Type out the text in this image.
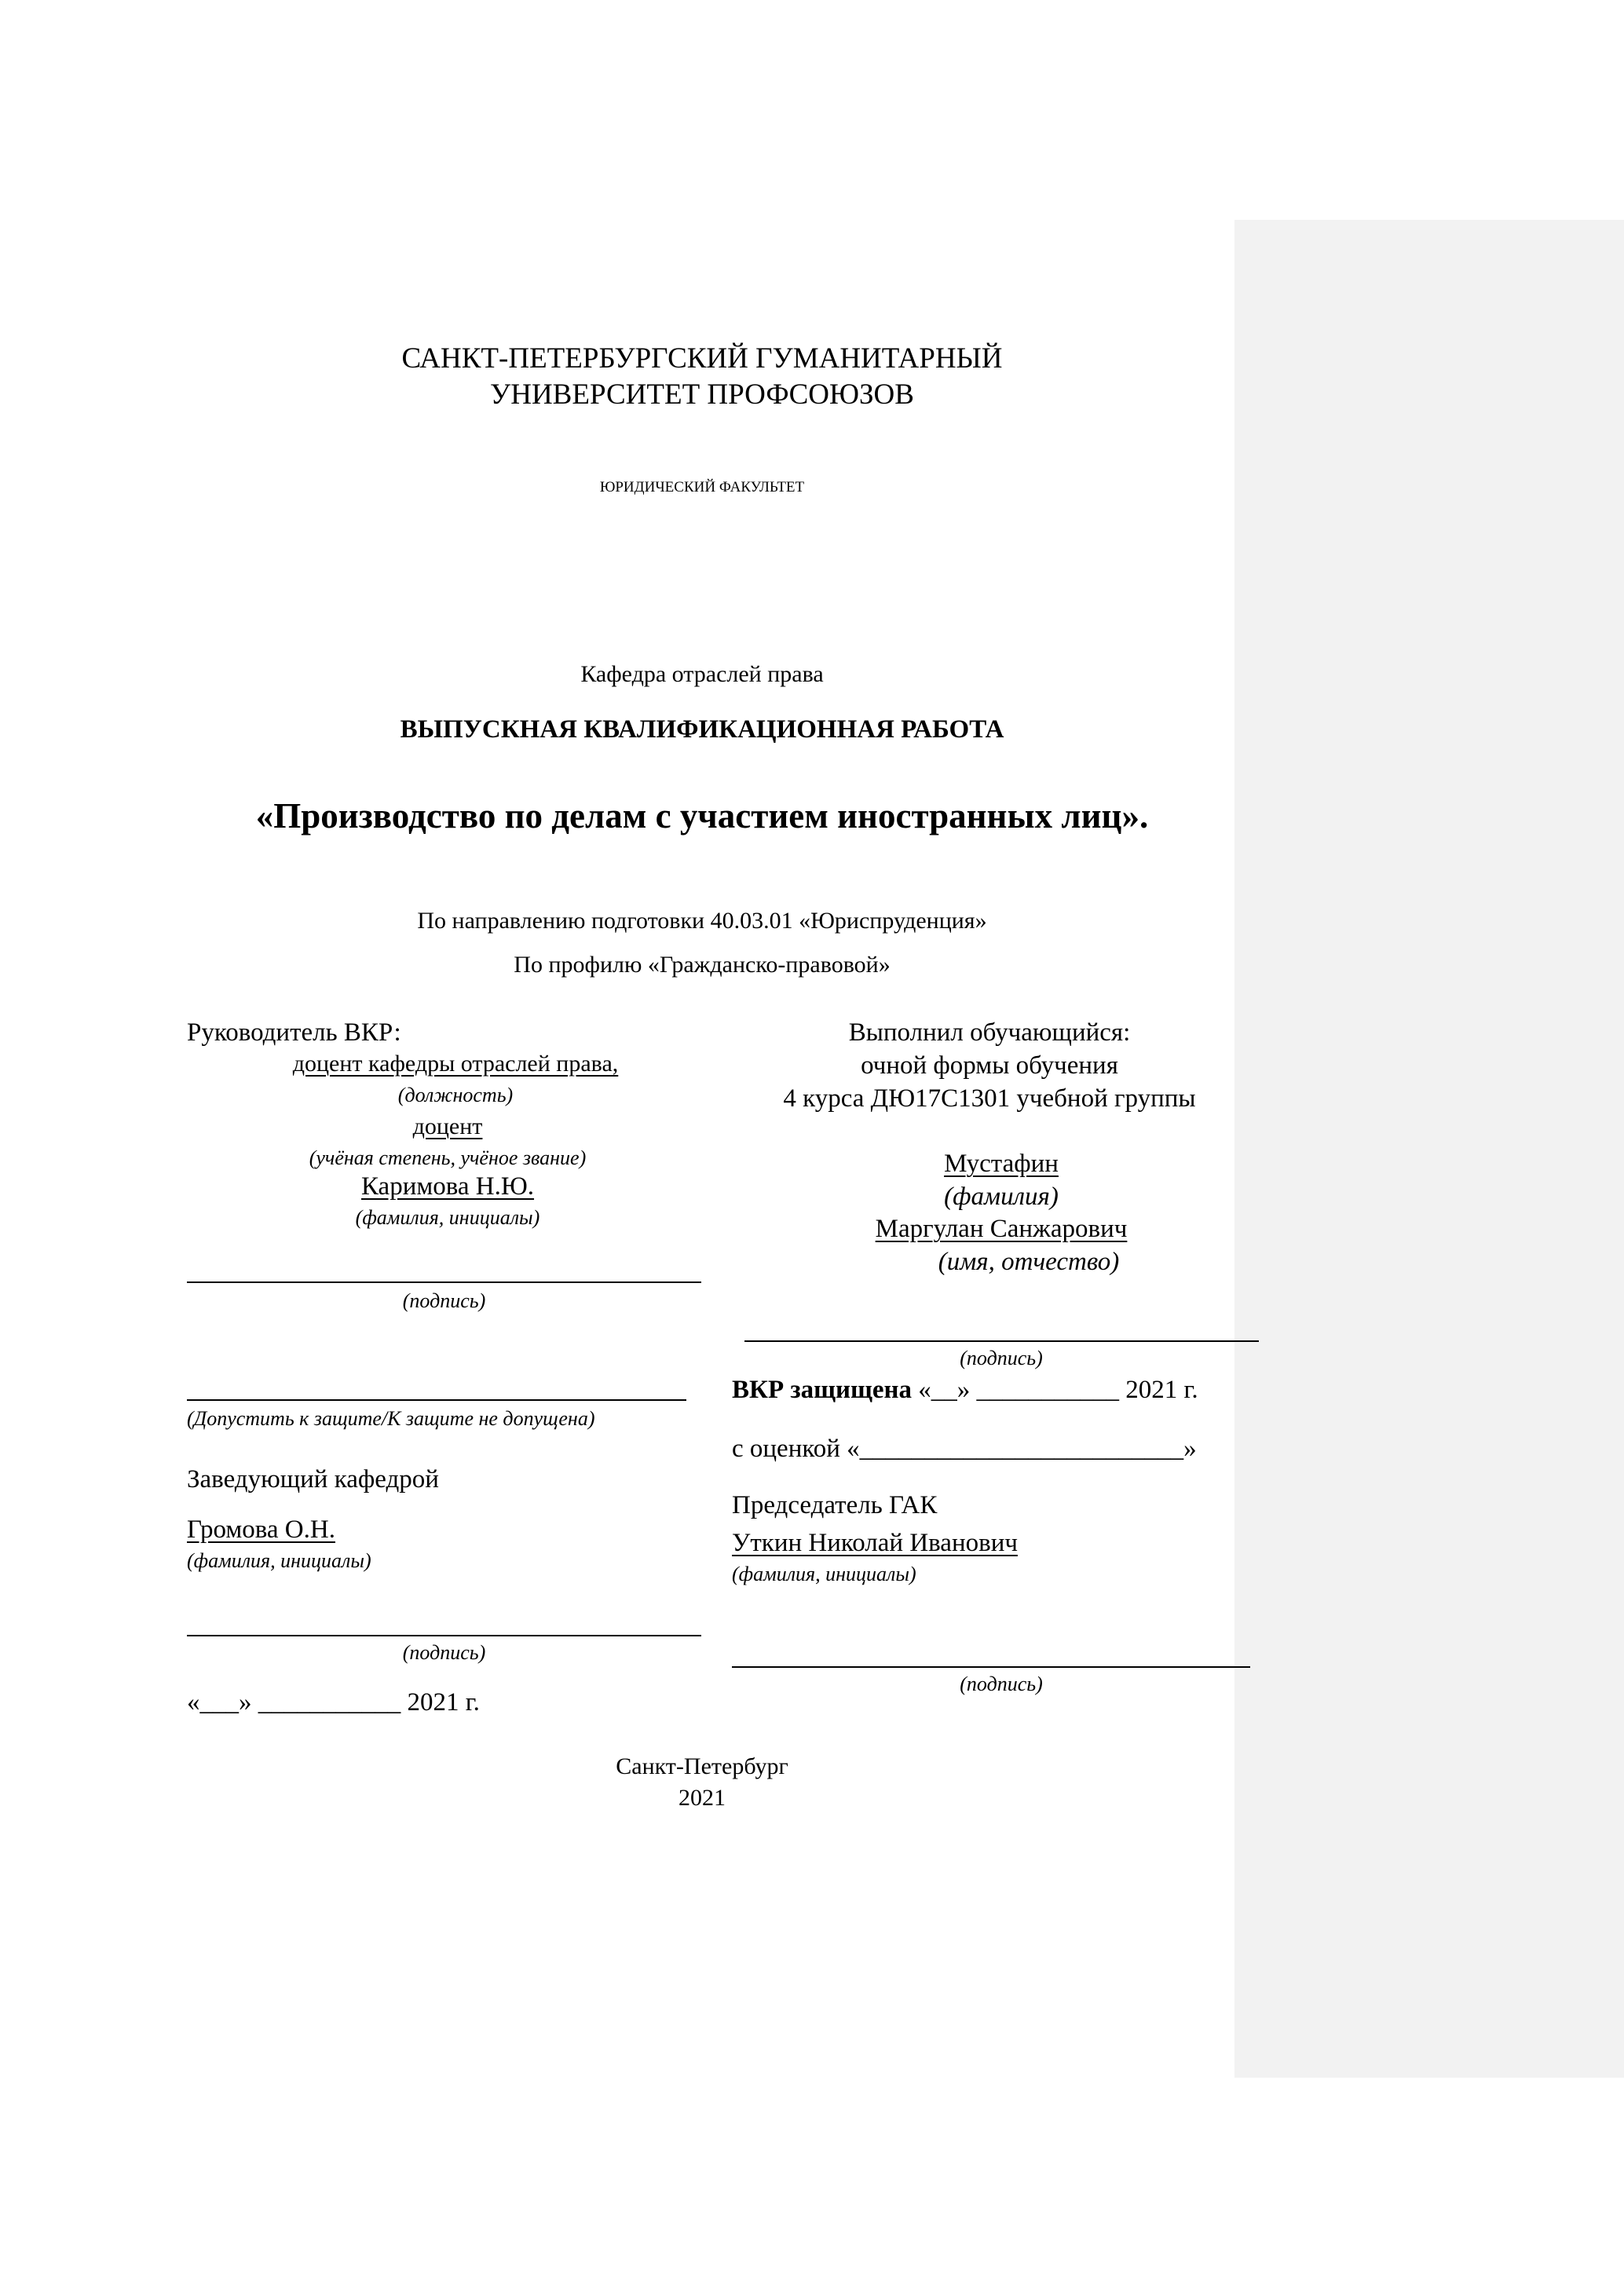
САНКТ-ПЕТЕРБУРГСКИЙ ГУМАНИТАРНЫЙ
УНИВЕРСИТЕТ ПРОФСОЮЗОВ
ЮРИДИЧЕСКИЙ ФАКУЛЬТЕТ
Кафедра отраслей права
ВЫПУСКНАЯ КВАЛИФИКАЦИОННАЯ РАБОТА
«Производство по делам с участием иностранных лиц».
По направлению подготовки 40.03.01 «Юриспруденция»
По профилю «Гражданско-правовой»
Руководитель ВКР:
доцент кафедры отраслей права,
(должность)
доцент
(учёная степень, учёное звание)
Каримова Н.Ю.
(фамилия, инициалы)
(подпись)
(Допустить к защите/К защите не допущена)
Заведующий кафедрой
Громова О.Н.
(фамилия, инициалы)
(подпись)
«___» ___________ 2021 г.
Выполнил обучающийся:
очной формы обучения
4 курса ДЮ17С1301 учебной группы
Мустафин
(фамилия)
Маргулан Санжарович
(имя, отчество)
(подпись)
ВКР защищена «__» ___________ 2021 г.
с оценкой «_________________________»
Председатель ГАК
Уткин Николай Иванович
(фамилия, инициалы)
(подпись)
Санкт-Петербург
2021
